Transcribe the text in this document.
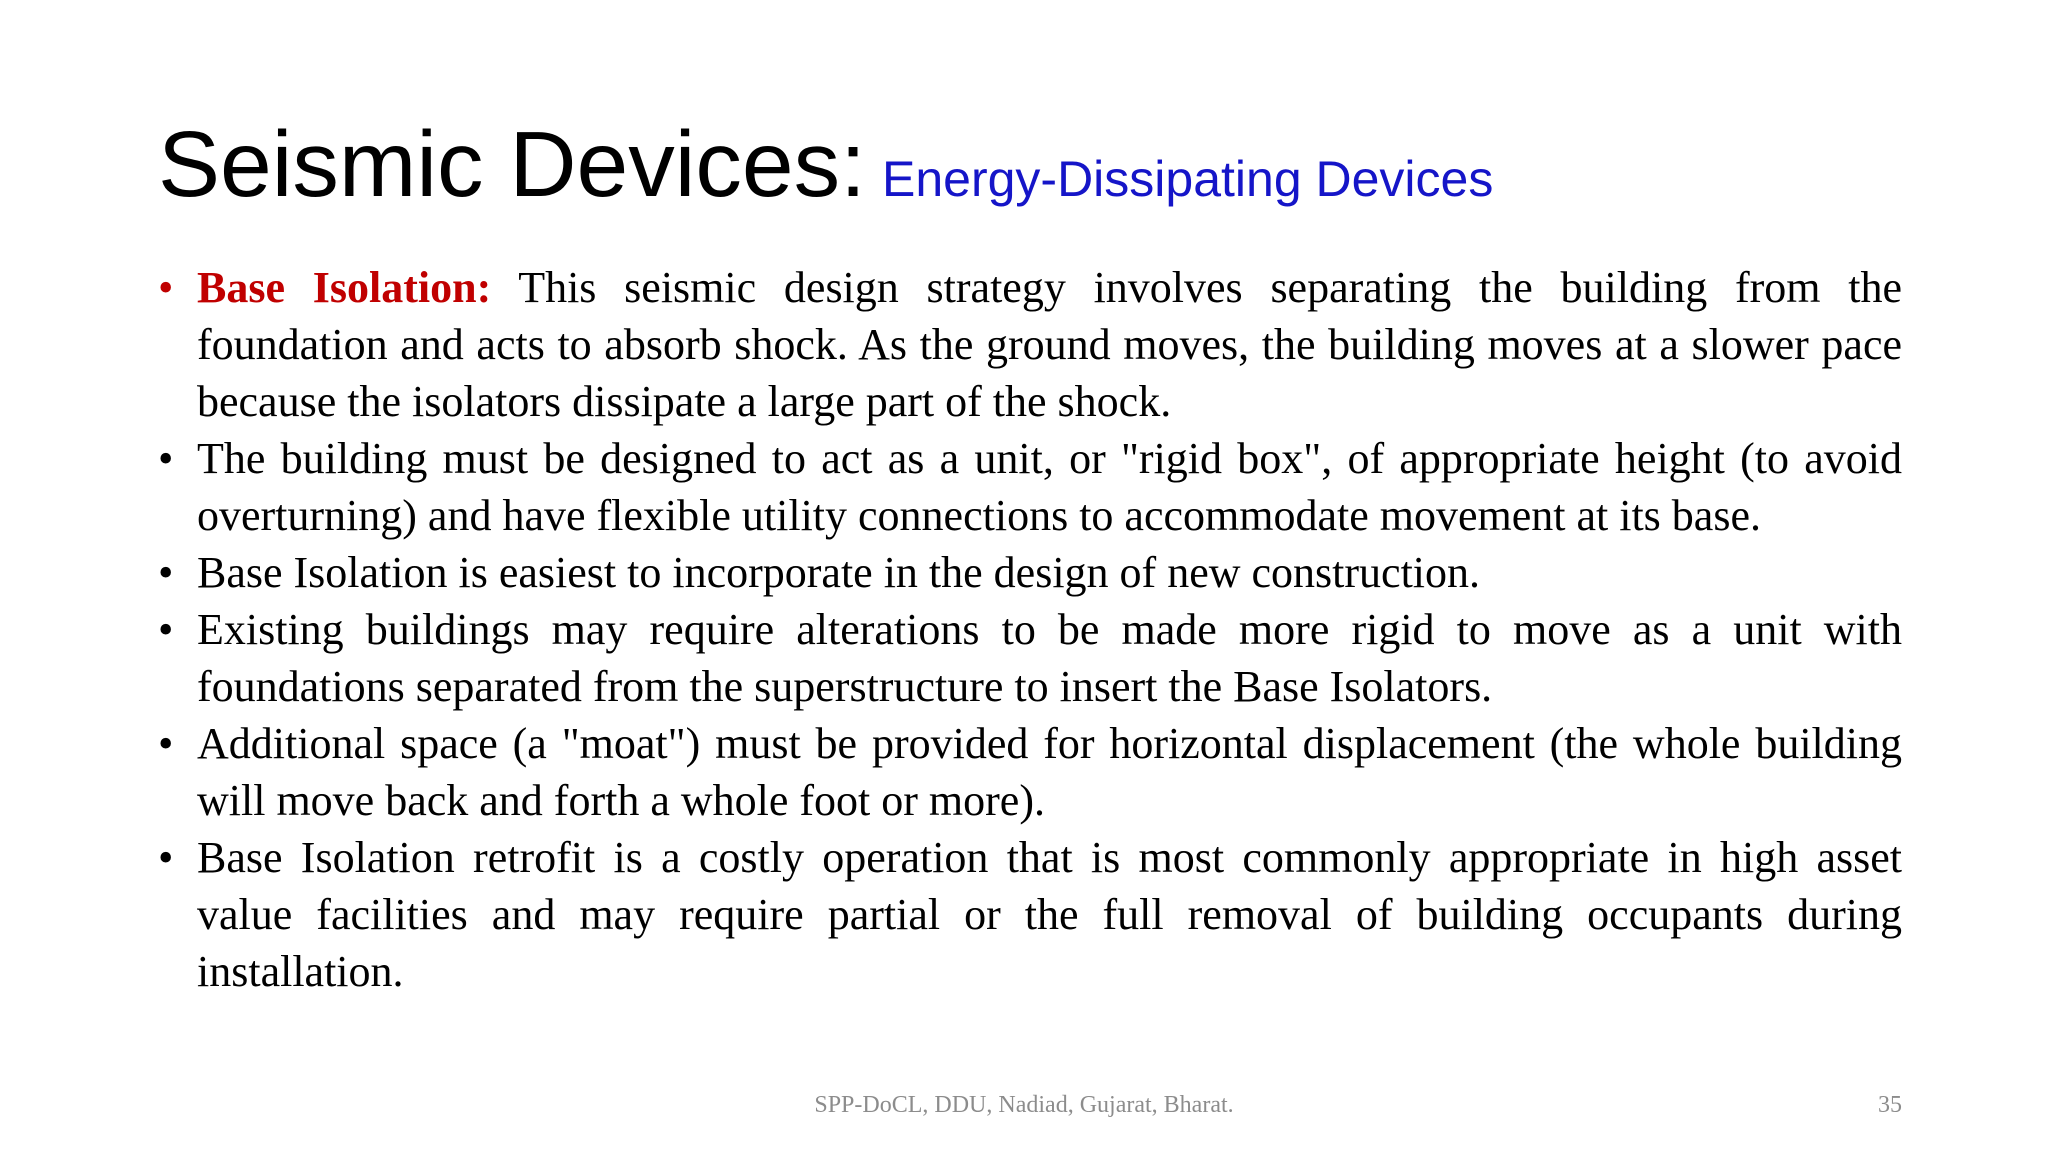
Seismic Devices: Energy-Dissipating Devices
• Base Isolation: This seismic design strategy involves separating the building from the foundation and acts to absorb shock. As the ground moves, the building moves at a slower pace because the isolators dissipate a large part of the shock.
• The building must be designed to act as a unit, or "rigid box", of appropriate height (to avoid overturning) and have flexible utility connections to accommodate movement at its base.
• Base Isolation is easiest to incorporate in the design of new construction.
• Existing buildings may require alterations to be made more rigid to move as a unit with foundations separated from the superstructure to insert the Base Isolators.
• Additional space (a "moat") must be provided for horizontal displacement (the whole building will move back and forth a whole foot or more).
• Base Isolation retrofit is a costly operation that is most commonly appropriate in high asset value facilities and may require partial or the full removal of building occupants during installation.
SPP-DoCL, DDU, Nadiad, Gujarat, Bharat.	35
